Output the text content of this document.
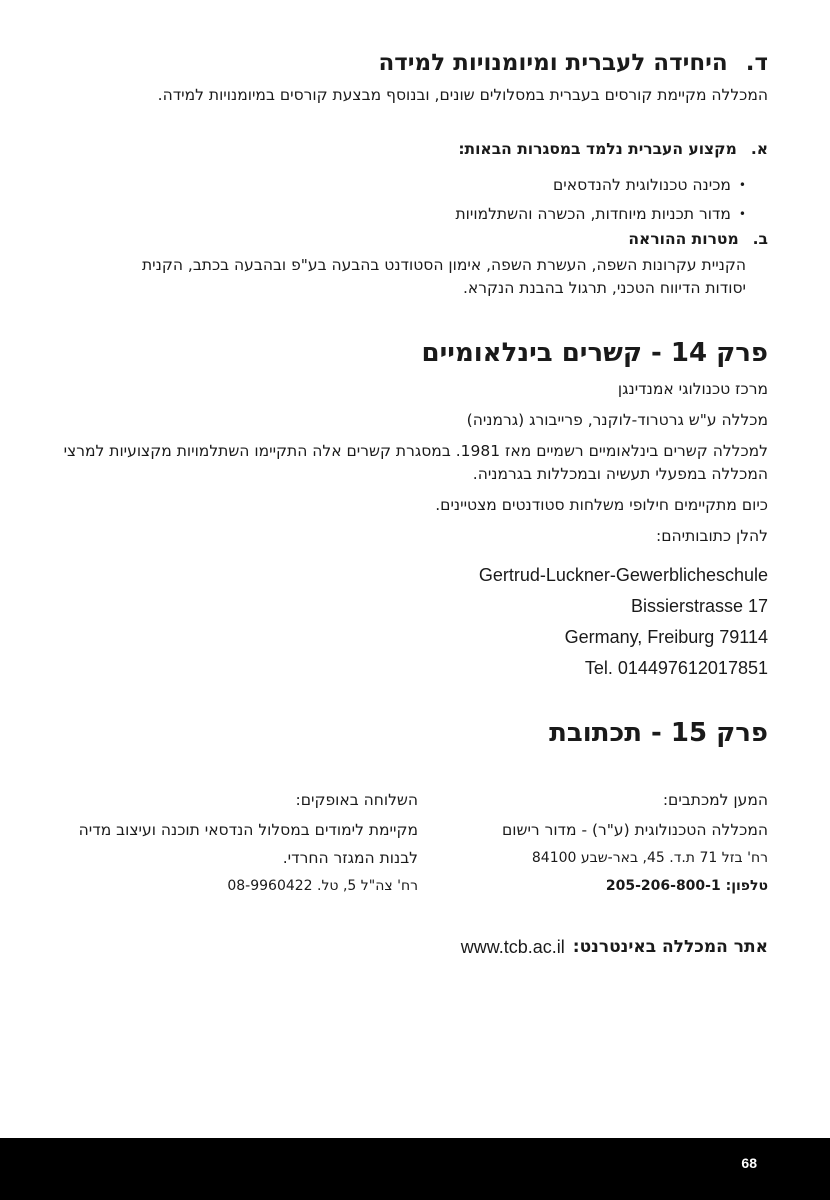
ד.
היחידה לעברית ומיומנויות למידה
המכללה מקיימת קורסים בעברית במסלולים שונים, ובנוסף מבצעת קורסים במיומנויות למידה.
א.
מקצוע העברית נלמד במסגרות הבאות:
•
מכינה טכנולוגית להנדסאים
•
מדור תכניות מיוחדות, הכשרה והשתלמויות
ב.
מטרות ההוראה
הקניית עקרונות השפה, העשרת השפה, אימון הסטודנט בהבעה בע"פ ובהבעה בכתב, הקנית יסודות הדיווח הטכני, תרגול בהבנת הנקרא.
פרק 14 - קשרים בינלאומיים

מרכז טכנולוגי אמנדינגן

מכללה ע"ש גרטרוד-לוקנר, פרייבורג (גרמניה)

למכללה קשרים בינלאומיים רשמיים מאז 1981. במסגרת קשרים אלה התקיימו השתלמויות מקצועיות למרצי המכללה במפעלי תעשיה ובמכללות בגרמניה.

כיום מתקיימים חילופי משלחות סטודנטים מצטיינים.

להלן כתובותיהם:

Gertrud-Luckner-Gewerblicheschule
Bissierstrasse 17
Germany, Freiburg 79114
Tel. 014497612017851
פרק 15 - תכתובת
המען למכתבים:
המכללה הטכנולוגית (ע"ר) - מדור רישום
רח' בזל 71 ת.ד. 45, באר-שבע 84100
טלפון: 205-206-800-1
השלוחה באופקים:
מקיימת לימודים במסלול הנדסאי תוכנה ועיצוב מדיה לבנות המגזר החרדי.
רח' צה"ל 5, טל. 08-9960422
אתר המכללה באינטרנט:
www.tcb.ac.il
68
